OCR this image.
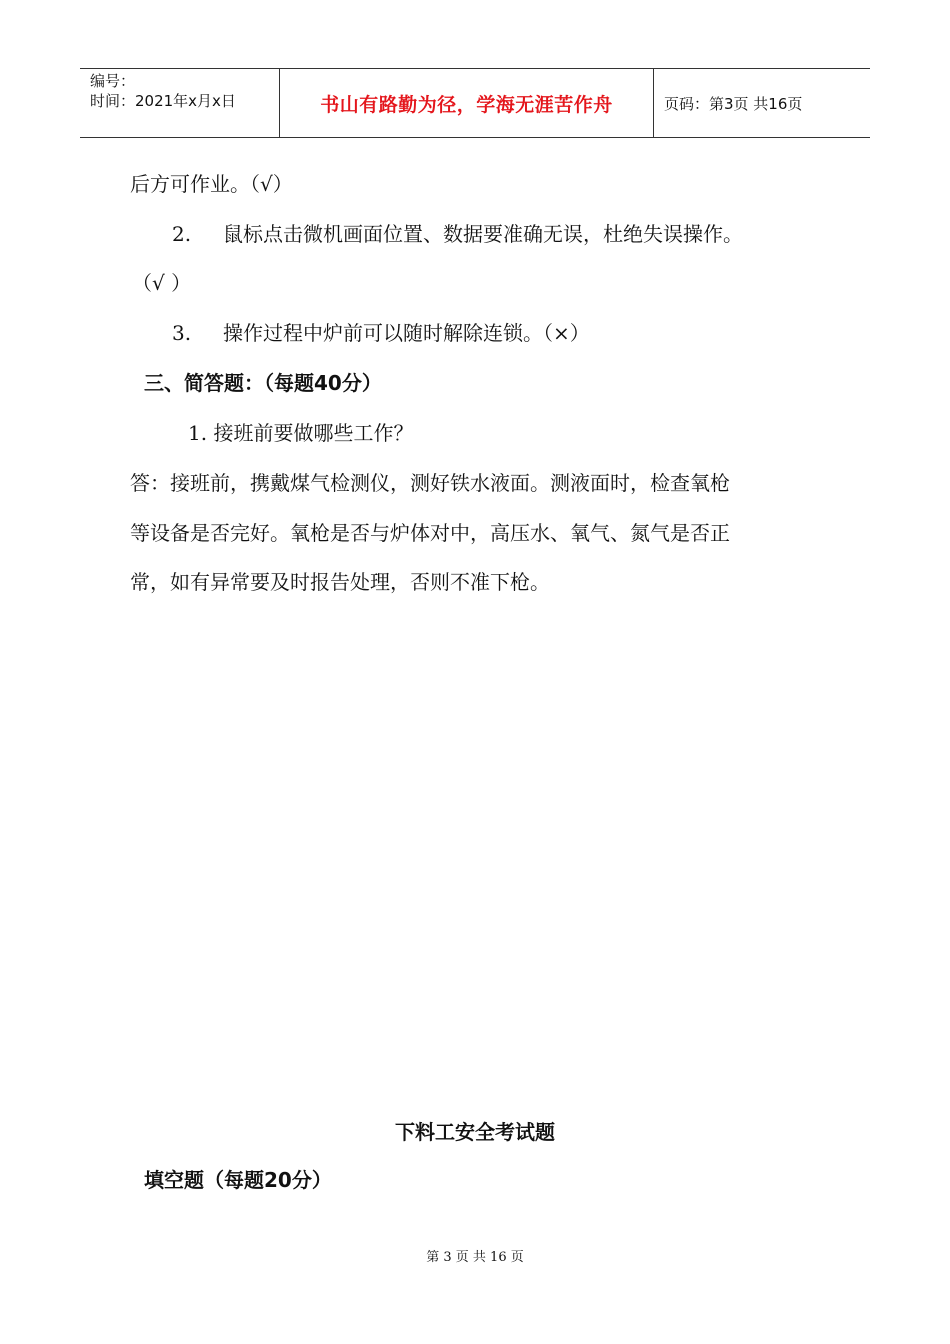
编号：
时间：2021年x月x日	书山有路勤为径，学海无涯苦作舟	页码：第3页 共16页
后方可作业。（√）
2. 鼠标点击微机画面位置、数据要准确无误，杜绝失误操作。
（√ ）
3. 操作过程中炉前可以随时解除连锁。（×）
三、简答题：（每题40分）
1. 接班前要做哪些工作？
答：接班前，携戴煤气检测仪，测好铁水液面。测液面时，检查氧枪
等设备是否完好。氧枪是否与炉体对中，高压水、氧气、氮气是否正
常，如有异常要及时报告处理，否则不准下枪。
下料工安全考试题
填空题（每题20分）
第 3 页 共 16 页
